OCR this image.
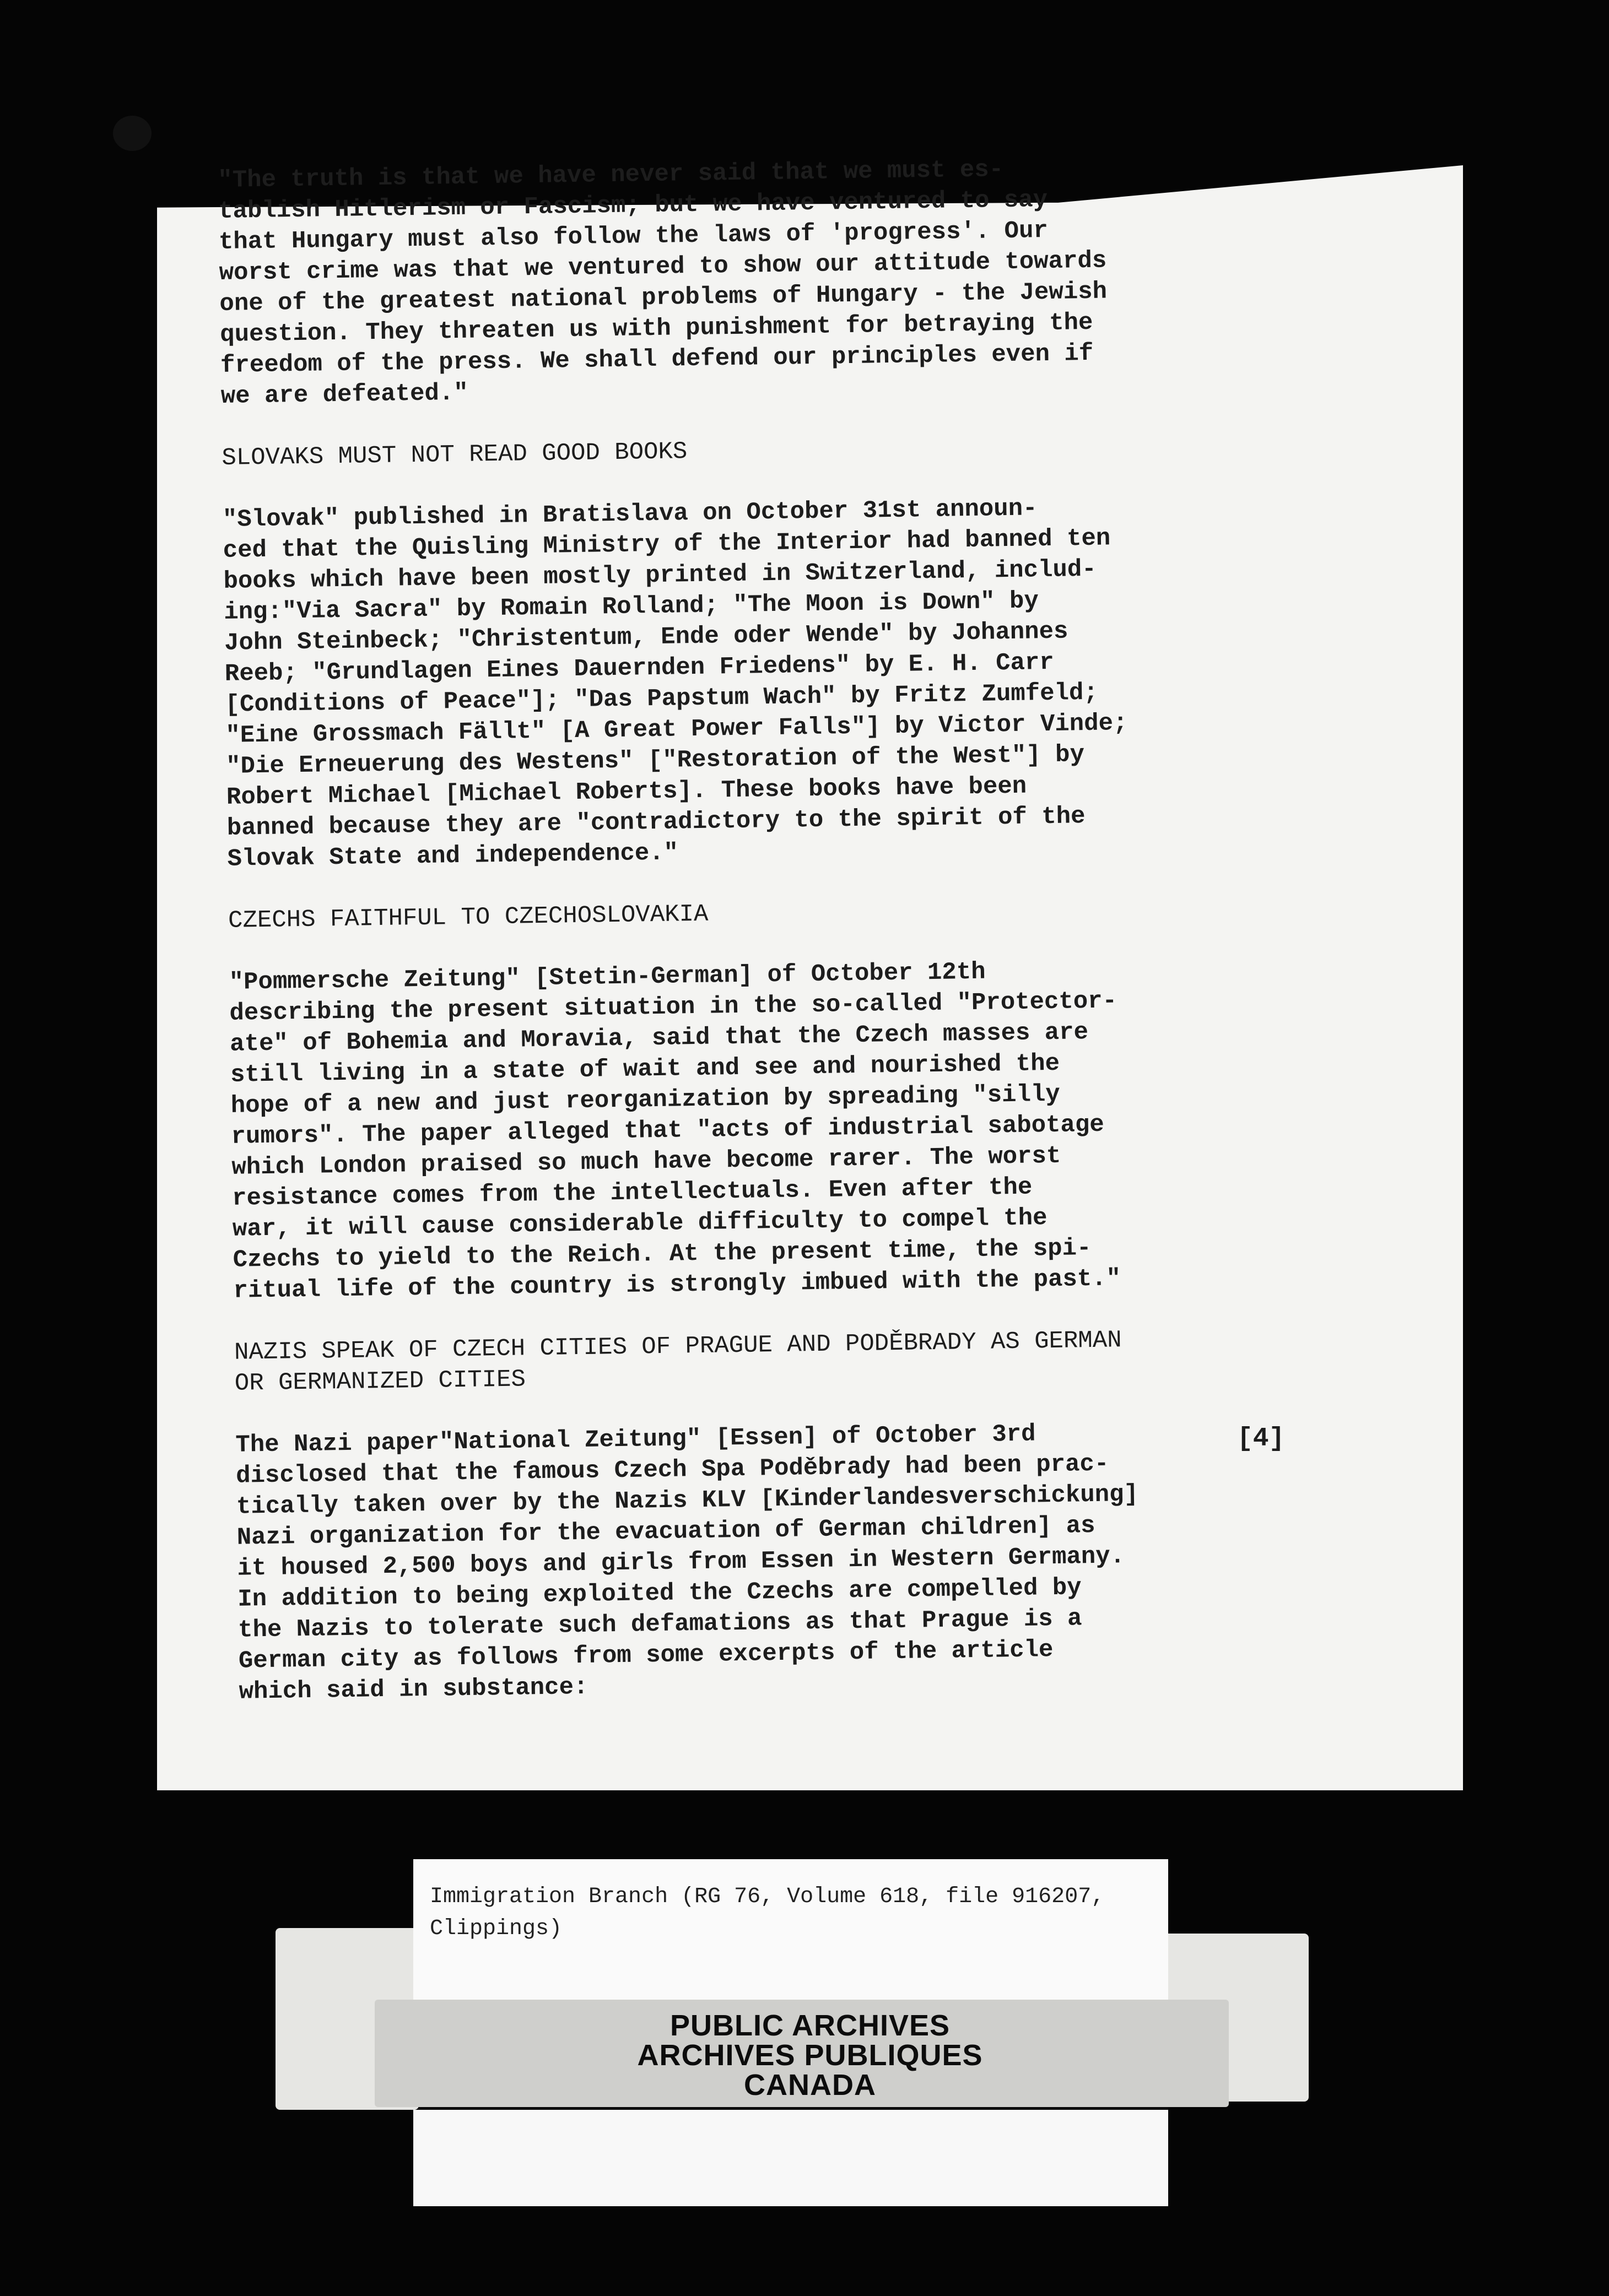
"The truth is that we have never said that we must es-
tablish Hitlerism or Fascism; but we have ventured to say
that Hungary must also follow the laws of 'progress'. Our
worst crime was that we ventured to show our attitude towards
one of the greatest national problems of Hungary - the Jewish
question. They threaten us with punishment for betraying the
freedom of the press. We shall defend our principles even if
we are defeated."

SLOVAKS MUST NOT READ GOOD BOOKS

"Slovak" published in Bratislava on October 31st announ-
ced that the Quisling Ministry of the Interior had banned ten
books which have been mostly printed in Switzerland, includ-
ing:"Via Sacra" by Romain Rolland; "The Moon is Down" by
John Steinbeck; "Christentum, Ende oder Wende" by Johannes
Reeb; "Grundlagen Eines Dauernden Friedens" by E. H. Carr
[Conditions of Peace"]; "Das Papstum Wach" by Fritz Zumfeld;
"Eine Grossmach Fällt" [A Great Power Falls"] by Victor Vinde;
"Die Erneuerung des Westens" ["Restoration of the West"] by
Robert Michael [Michael Roberts]. These books have been
banned because they are "contradictory to the spirit of the
Slovak State and independence."

CZECHS FAITHFUL TO CZECHOSLOVAKIA

"Pommersche Zeitung" [Stetin-German] of October 12th
describing the present situation in the so-called "Protector-
ate" of Bohemia and Moravia, said that the Czech masses are
still living in a state of wait and see and nourished the
hope of a new and just reorganization by spreading "silly
rumors". The paper alleged that "acts of industrial sabotage
which London praised so much have become rarer. The worst
resistance comes from the intellectuals. Even after the
war, it will cause considerable difficulty to compel the
Czechs to yield to the Reich. At the present time, the spi-
ritual life of the country is strongly imbued with the past."

NAZIS SPEAK OF CZECH CITIES OF PRAGUE AND PODĚBRADY AS GERMAN
OR GERMANIZED CITIES

The Nazi paper"National Zeitung" [Essen] of October 3rd
disclosed that the famous Czech Spa Poděbrady had been prac-
tically taken over by the Nazis KLV [Kinderlandesverschickung]
Nazi organization for the evacuation of German children] as
it housed 2,500 boys and girls from Essen in Western Germany.
In addition to being exploited the Czechs are compelled by
the Nazis to tolerate such defamations as that Prague is a
German city as follows from some excerpts of the article
which said in substance:

[4]
Immigration Branch (RG 76, Volume 618, file 916207,
Clippings)
PUBLIC ARCHIVES
ARCHIVES PUBLIQUES
CANADA
